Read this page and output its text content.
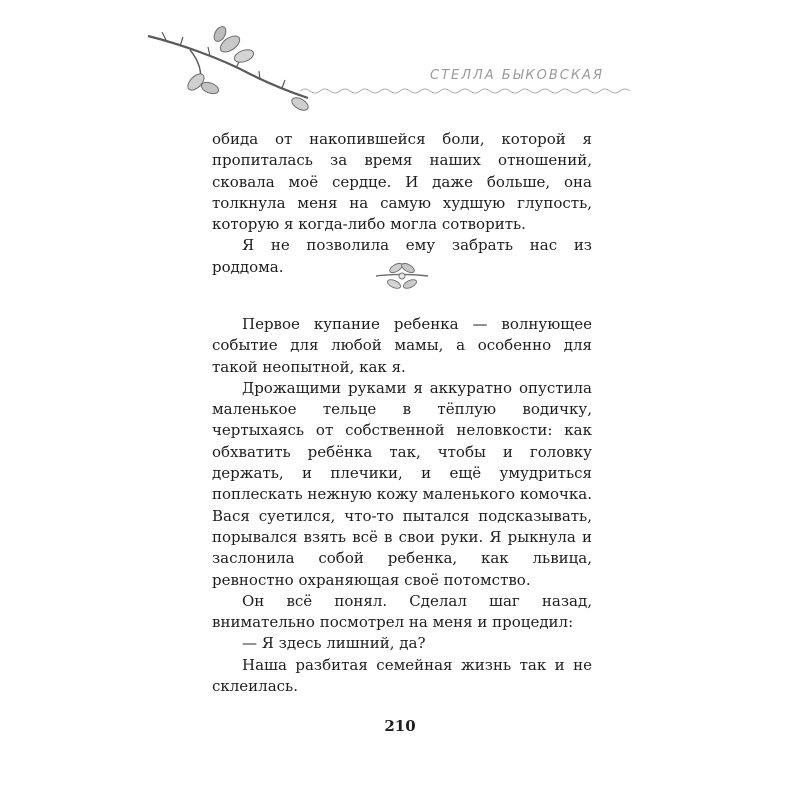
СТЕЛЛА БЫКОВСКАЯ

обида от накопившейся боли, которой я пропиталась за время наших отношений, сковала моё сердце. И даже больше, она толкнула меня на самую худшую глупость, которую я когда-либо могла сотворить.

Я не позволила ему забрать нас из роддома.

Первое купание ребенка — волнующее событие для любой мамы, а особенно для такой неопытной, как я.

Дрожащими руками я аккуратно опустила маленькое тельце в тёплую водичку, чертыхаясь от собственной неловкости: как обхватить ребёнка так, чтобы и головку держать, и плечики, и ещё умудриться поплескать нежную кожу маленького комочка. Вася суетился, что-то пытался подсказывать, порывался взять всё в свои руки. Я рыкнула и заслонила собой ребенка, как львица, ревностно охраняющая своё потомство.

Он всё понял. Сделал шаг назад, внимательно посмотрел на меня и процедил:

— Я здесь лишний, да?

Наша разбитая семейная жизнь так и не склеилась.

210
